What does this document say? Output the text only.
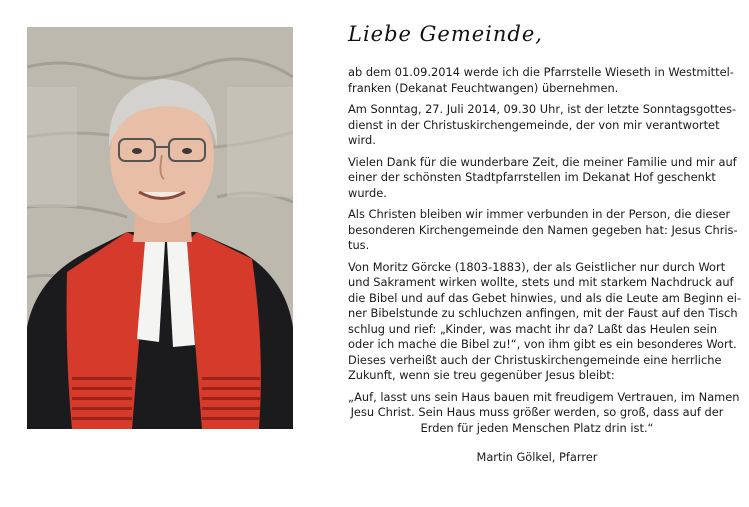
Liebe Gemeinde,
ab dem 01.09.2014 werde ich die Pfarrstelle Wieseth in Westmittel-
franken (Dekanat Feuchtwangen) übernehmen.
Am Sonntag, 27. Juli 2014, 09.30 Uhr, ist der letzte Sonntagsgottes-
dienst in der Christuskirchengemeinde, der von mir verantwortet
wird.
Vielen Dank für die wunderbare Zeit, die meiner Familie und mir auf
einer der schönsten Stadtpfarrstellen im Dekanat Hof geschenkt
wurde.
Als Christen bleiben wir immer verbunden in der Person, die dieser
besonderen Kirchengemeinde den Namen gegeben hat: Jesus Chris-
tus.
Von Moritz Görcke (1803-1883), der als Geistlicher nur durch Wort
und Sakrament wirken wollte, stets und mit starkem Nachdruck auf
die Bibel und auf das Gebet hinwies, und als die Leute am Beginn ei-
ner Bibelstunde zu schluchzen anfingen, mit der Faust auf den Tisch
schlug und rief: „Kinder, was macht ihr da? Laßt das Heulen sein
oder ich mache die Bibel zu!“, von ihm gibt es ein besonderes Wort.
Dieses verheißt auch der Christuskirchengemeinde eine herrliche
Zukunft, wenn sie treu gegenüber Jesus bleibt:
„Auf, lasst uns sein Haus bauen mit freudigem Vertrauen, im Namen
Jesu Christ. Sein Haus muss größer werden, so groß, dass auf der
Erden für jeden Menschen Platz drin ist.“
Martin Gölkel, Pfarrer
